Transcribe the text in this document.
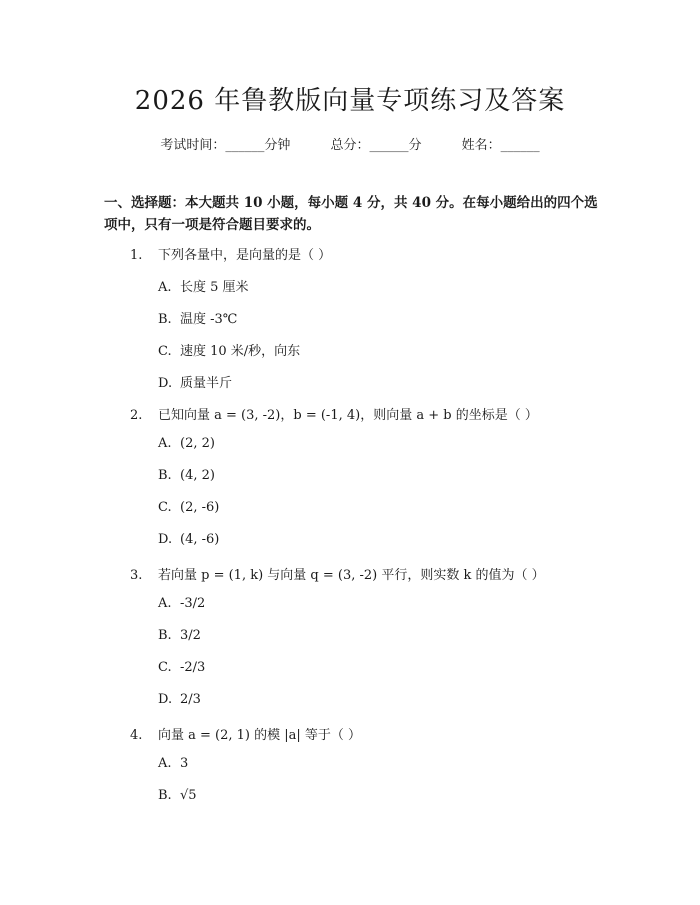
2026 年鲁教版向量专项练习及答案
考试时间：______分钟	总分：______分	姓名：______
一、选择题：本大题共 10 小题，每小题 4 分，共 40 分。在每小题给出的四个选项中，只有一项是符合题目要求的。
1. 下列各量中，是向量的是（ ）
A. 长度 5 厘米
B. 温度 -3℃
C. 速度 10 米/秒，向东
D. 质量半斤
2. 已知向量 a = (3, -2)，b = (-1, 4)，则向量 a + b 的坐标是（ ）
A. (2, 2)
B. (4, 2)
C. (2, -6)
D. (4, -6)
3. 若向量 p = (1, k) 与向量 q = (3, -2) 平行，则实数 k 的值为（ ）
A. -3/2
B. 3/2
C. -2/3
D. 2/3
4. 向量 a = (2, 1) 的模 |a| 等于（ ）
A. 3
B. √5
